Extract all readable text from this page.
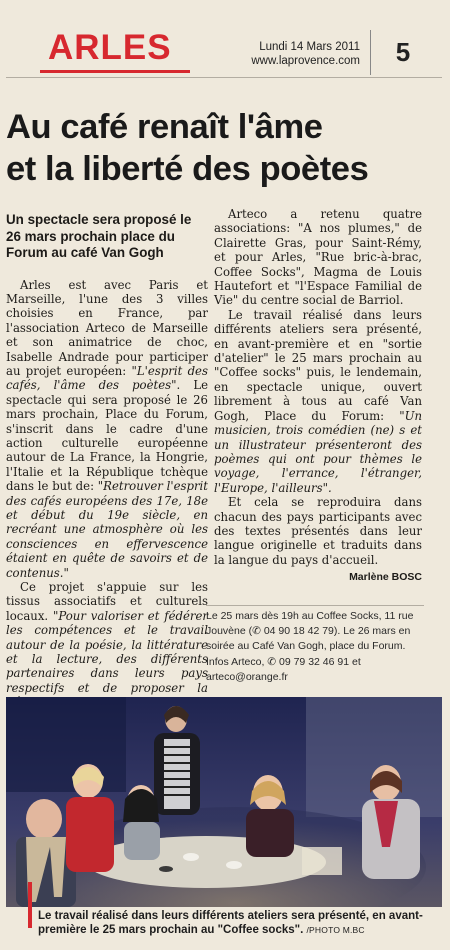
ARLES	Lundi 14 Mars 2011
www.laprovence.com	5
Au café renaît l'âme
et la liberté des poètes

Un spectacle sera proposé le 26 mars prochain place du Forum au café Van Gogh

Arles est avec Paris et Marseille, l'une des 3 villes choisies en France, par l'association Arteco de Marseille et son animatrice de choc, Isabelle Andrade pour participer au projet européen: "L'esprit des cafés, l'âme des poètes". Le spectacle qui sera proposé le 26 mars prochain, Place du Forum, s'inscrit dans le cadre d'une action culturelle européenne autour de La France, la Hongrie, l'Italie et la République tchèque dans le but de: "Retrouver l'esprit des cafés européens des 17e, 18e et début du 19e siècle, en recréant une atmosphère où les consciences en effervescence étaient en quête de savoirs et de contenus."

Ce projet s'appuie sur les tissus associatifs et culturels locaux. "Pour valoriser et fédérer les compétences et le travail autour de la poésie, la littérature et la lecture, des différents partenaires dans leurs pays respectifs et de proposer la

Arteco a retenu quatre associations: "A nos plumes," de Clairette Gras, pour Saint-Rémy, et pour Arles, "Rue bric-à-brac, Coffee Socks", Magma de Louis Hautefort et "l'Espace Familial de Vie" du centre social de Barriol.

Le travail réalisé dans leurs différents ateliers sera présenté, en avant-première et en "sortie d'atelier" le 25 mars prochain au "Coffee socks" puis, le lendemain, en spectacle unique, ouvert librement à tous au café Van Gogh, Place du Forum: "Un musicien, trois comédien (ne) s et un illustrateur présenteront des poèmes qui ont pour thèmes le voyage, l'errance, l'étranger, l'Europe, l'ailleurs".

Et cela se reproduira dans chacun des pays participants avec des textes présentés dans leur langue originelle et traduits dans la langue du pays d'accueil.

Marlène BOSC

Le 25 mars dès 19h au Coffee Socks, 11 rue Jouvène (✆ 04 90 18 42 79). Le 26 mars en soirée au Café Van Gogh, place du Forum. Infos Arteco, ✆ 09 79 32 46 91 et arteco@orange.fr

Le travail réalisé dans leurs différents ateliers sera présenté, en avant-première le 25 mars prochain au "Coffee socks". /PHOTO M.BC
